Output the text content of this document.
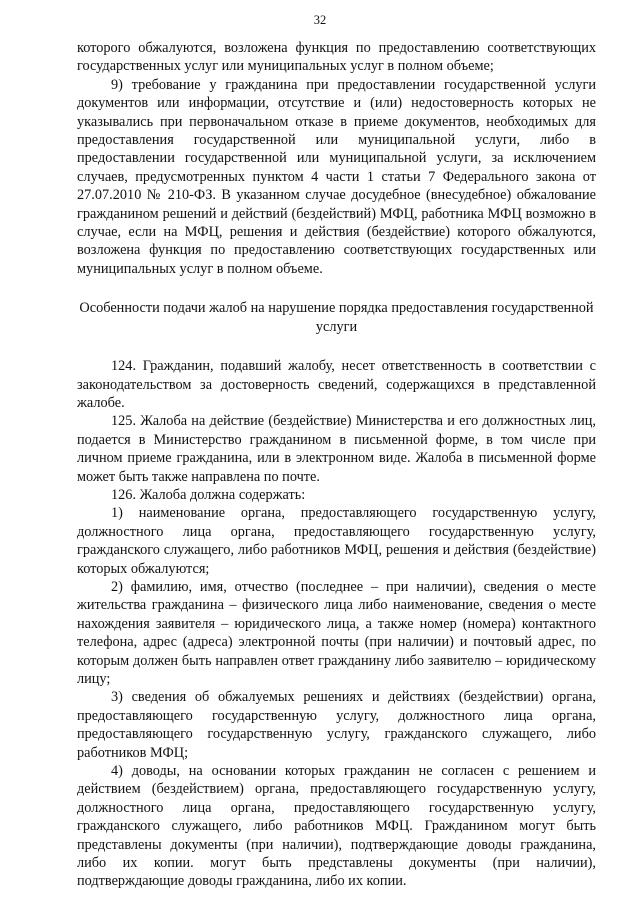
32

которого обжалуются, возложена функция по предоставлению соответствующих государственных услуг или муниципальных услуг в полном объеме;

9) требование у гражданина при предоставлении государственной услуги документов или информации, отсутствие и (или) недостоверность которых не указывались при первоначальном отказе в приеме документов, необходимых для предоставления государственной или муниципальной услуги, либо в предоставлении государственной или муниципальной услуги, за исключением случаев, предусмотренных пунктом 4 части 1 статьи 7 Федерального закона от 27.07.2010 № 210-ФЗ. В указанном случае досудебное (внесудебное) обжалование гражданином решений и действий (бездействий) МФЦ, работника МФЦ возможно в случае, если на МФЦ, решения и действия (бездействие) которого обжалуются, возложена функция по предоставлению соответствующих государственных или муниципальных услуг в полном объеме.

Особенности подачи жалоб на нарушение порядка предоставления государственной услуги

124. Гражданин, подавший жалобу, несет ответственность в соответствии с законодательством за достоверность сведений, содержащихся в представленной жалобе.

125. Жалоба на действие (бездействие) Министерства и его должностных лиц, подается в Министерство гражданином в письменной форме, в том числе при личном приеме гражданина, или в электронном виде. Жалоба в письменной форме может быть также направлена по почте.

126. Жалоба должна содержать:

1) наименование органа, предоставляющего государственную услугу, должностного лица органа, предоставляющего государственную услугу, гражданского служащего, либо работников МФЦ, решения и действия (бездействие) которых обжалуются;

2) фамилию, имя, отчество (последнее – при наличии), сведения о месте жительства гражданина – физического лица либо наименование, сведения о месте нахождения заявителя – юридического лица, а также номер (номера) контактного телефона, адрес (адреса) электронной почты (при наличии) и почтовый адрес, по которым должен быть направлен ответ гражданину либо заявителю – юридическому лицу;

3) сведения об обжалуемых решениях и действиях (бездействии) органа, предоставляющего государственную услугу, должностного лица органа, предоставляющего государственную услугу, гражданского служащего, либо работников МФЦ;

4) доводы, на основании которых гражданин не согласен с решением и действием (бездействием) органа, предоставляющего государственную услугу, должностного лица органа, предоставляющего государственную услугу, гражданского служащего, либо работников МФЦ. Гражданином могут быть представлены документы (при наличии), подтверждающие доводы гражданина, либо их копии. могут быть представлены документы (при наличии), подтверждающие доводы гражданина, либо их копии.
